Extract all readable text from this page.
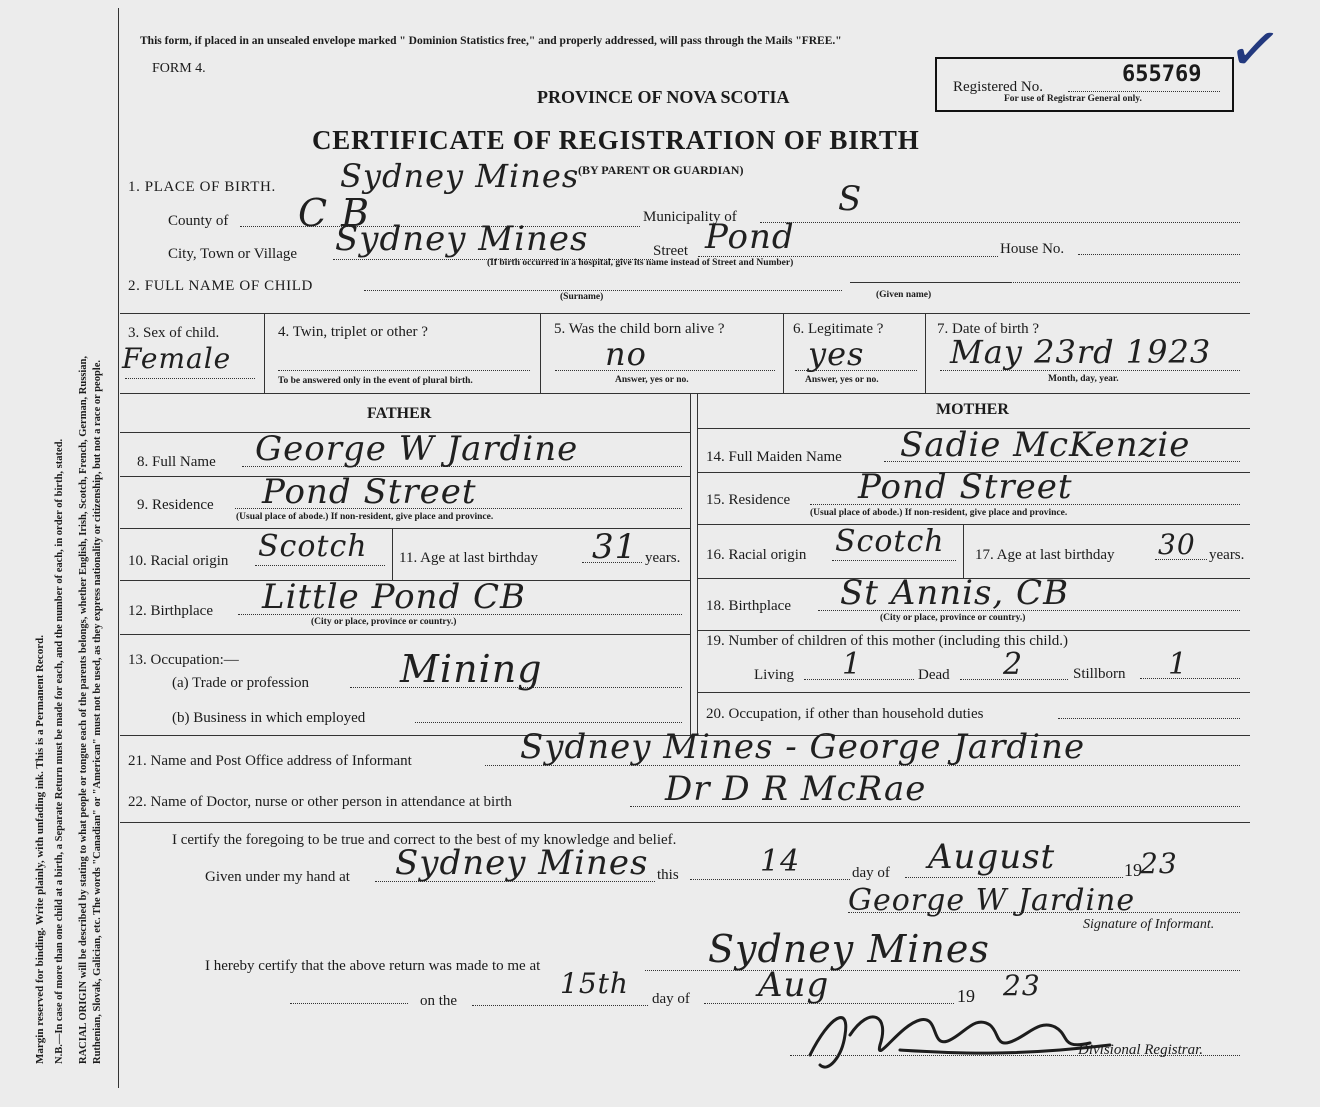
Margin reserved for binding. Write plainly, with unfading ink. This is a Permanent Record. N.B.—In case of more than one child at a birth, a Separate Return must be made for each, and the number of each, in order of birth, stated. RACIAL ORIGIN will be described by stating to what people or tongue each of the parents belongs, whether English, Irish, Scotch, French, German, Russian, Ruthenian, Slovak, Galician, etc. The words "Canadian" or "American" must not be used, as they express nationality or citizenship, but not a race or people.
This form, if placed in an unsealed envelope marked " Dominion Statistics free," and properly addressed, will pass through the Mails "FREE."
FORM 4.
PROVINCE OF NOVA SCOTIA
CERTIFICATE OF REGISTRATION OF BIRTH
(BY PARENT OR GUARDIAN)
Registered No.	655769
For use of Registrar General only.
✓
1. PLACE OF BIRTH. Sydney Mines
County of C B	Municipality of	S
City, Town or Village Sydney Mines	Street Pond	House No.
(If birth occurred in a hospital, give its name instead of Street and Number)
2. FULL NAME OF CHILD
(Surname)	(Given name)
3. Sex of child.
Female
4. Twin, triplet or other ?
To be answered only in the event of plural birth.
5. Was the child born alive ?
no
Answer, yes or no.
6. Legitimate ?
yes
Answer, yes or no.
7. Date of birth ?
May 23rd 1923
Month, day, year.
FATHER
8. Full Name George W Jardine
9. Residence Pond Street
(Usual place of abode.) If non-resident, give place and province.
10. Racial origin Scotch 11. Age at last birthday 31 years.
12. Birthplace Little Pond CB
(City or place, province or country.)
13. Occupation:—
(a) Trade or profession Mining
(b) Business in which employed
MOTHER
14. Full Maiden Name Sadie McKenzie
15. Residence Pond Street
(Usual place of abode.) If non-resident, give place and province.
16. Racial origin Scotch 17. Age at last birthday 30 years.
18. Birthplace St Annis, CB
(City or place, province or country.)
19. Number of children of this mother (including this child.)
Living 1	Dead 2	Stillborn 1
20. Occupation, if other than household duties
21. Name and Post Office address of Informant	Sydney Mines - George Jardine
22. Name of Doctor, nurse or other person in attendance at birth	Dr D R McRae
I certify the foregoing to be true and correct to the best of my knowledge and belief.
Given under my hand at Sydney Mines this	14	day of August	19
23
George W Jardine
Signature of Informant.
I hereby certify that the above return was made to me at	Sydney Mines
on the
15th day of Aug	19 23
Divisional Registrar.
